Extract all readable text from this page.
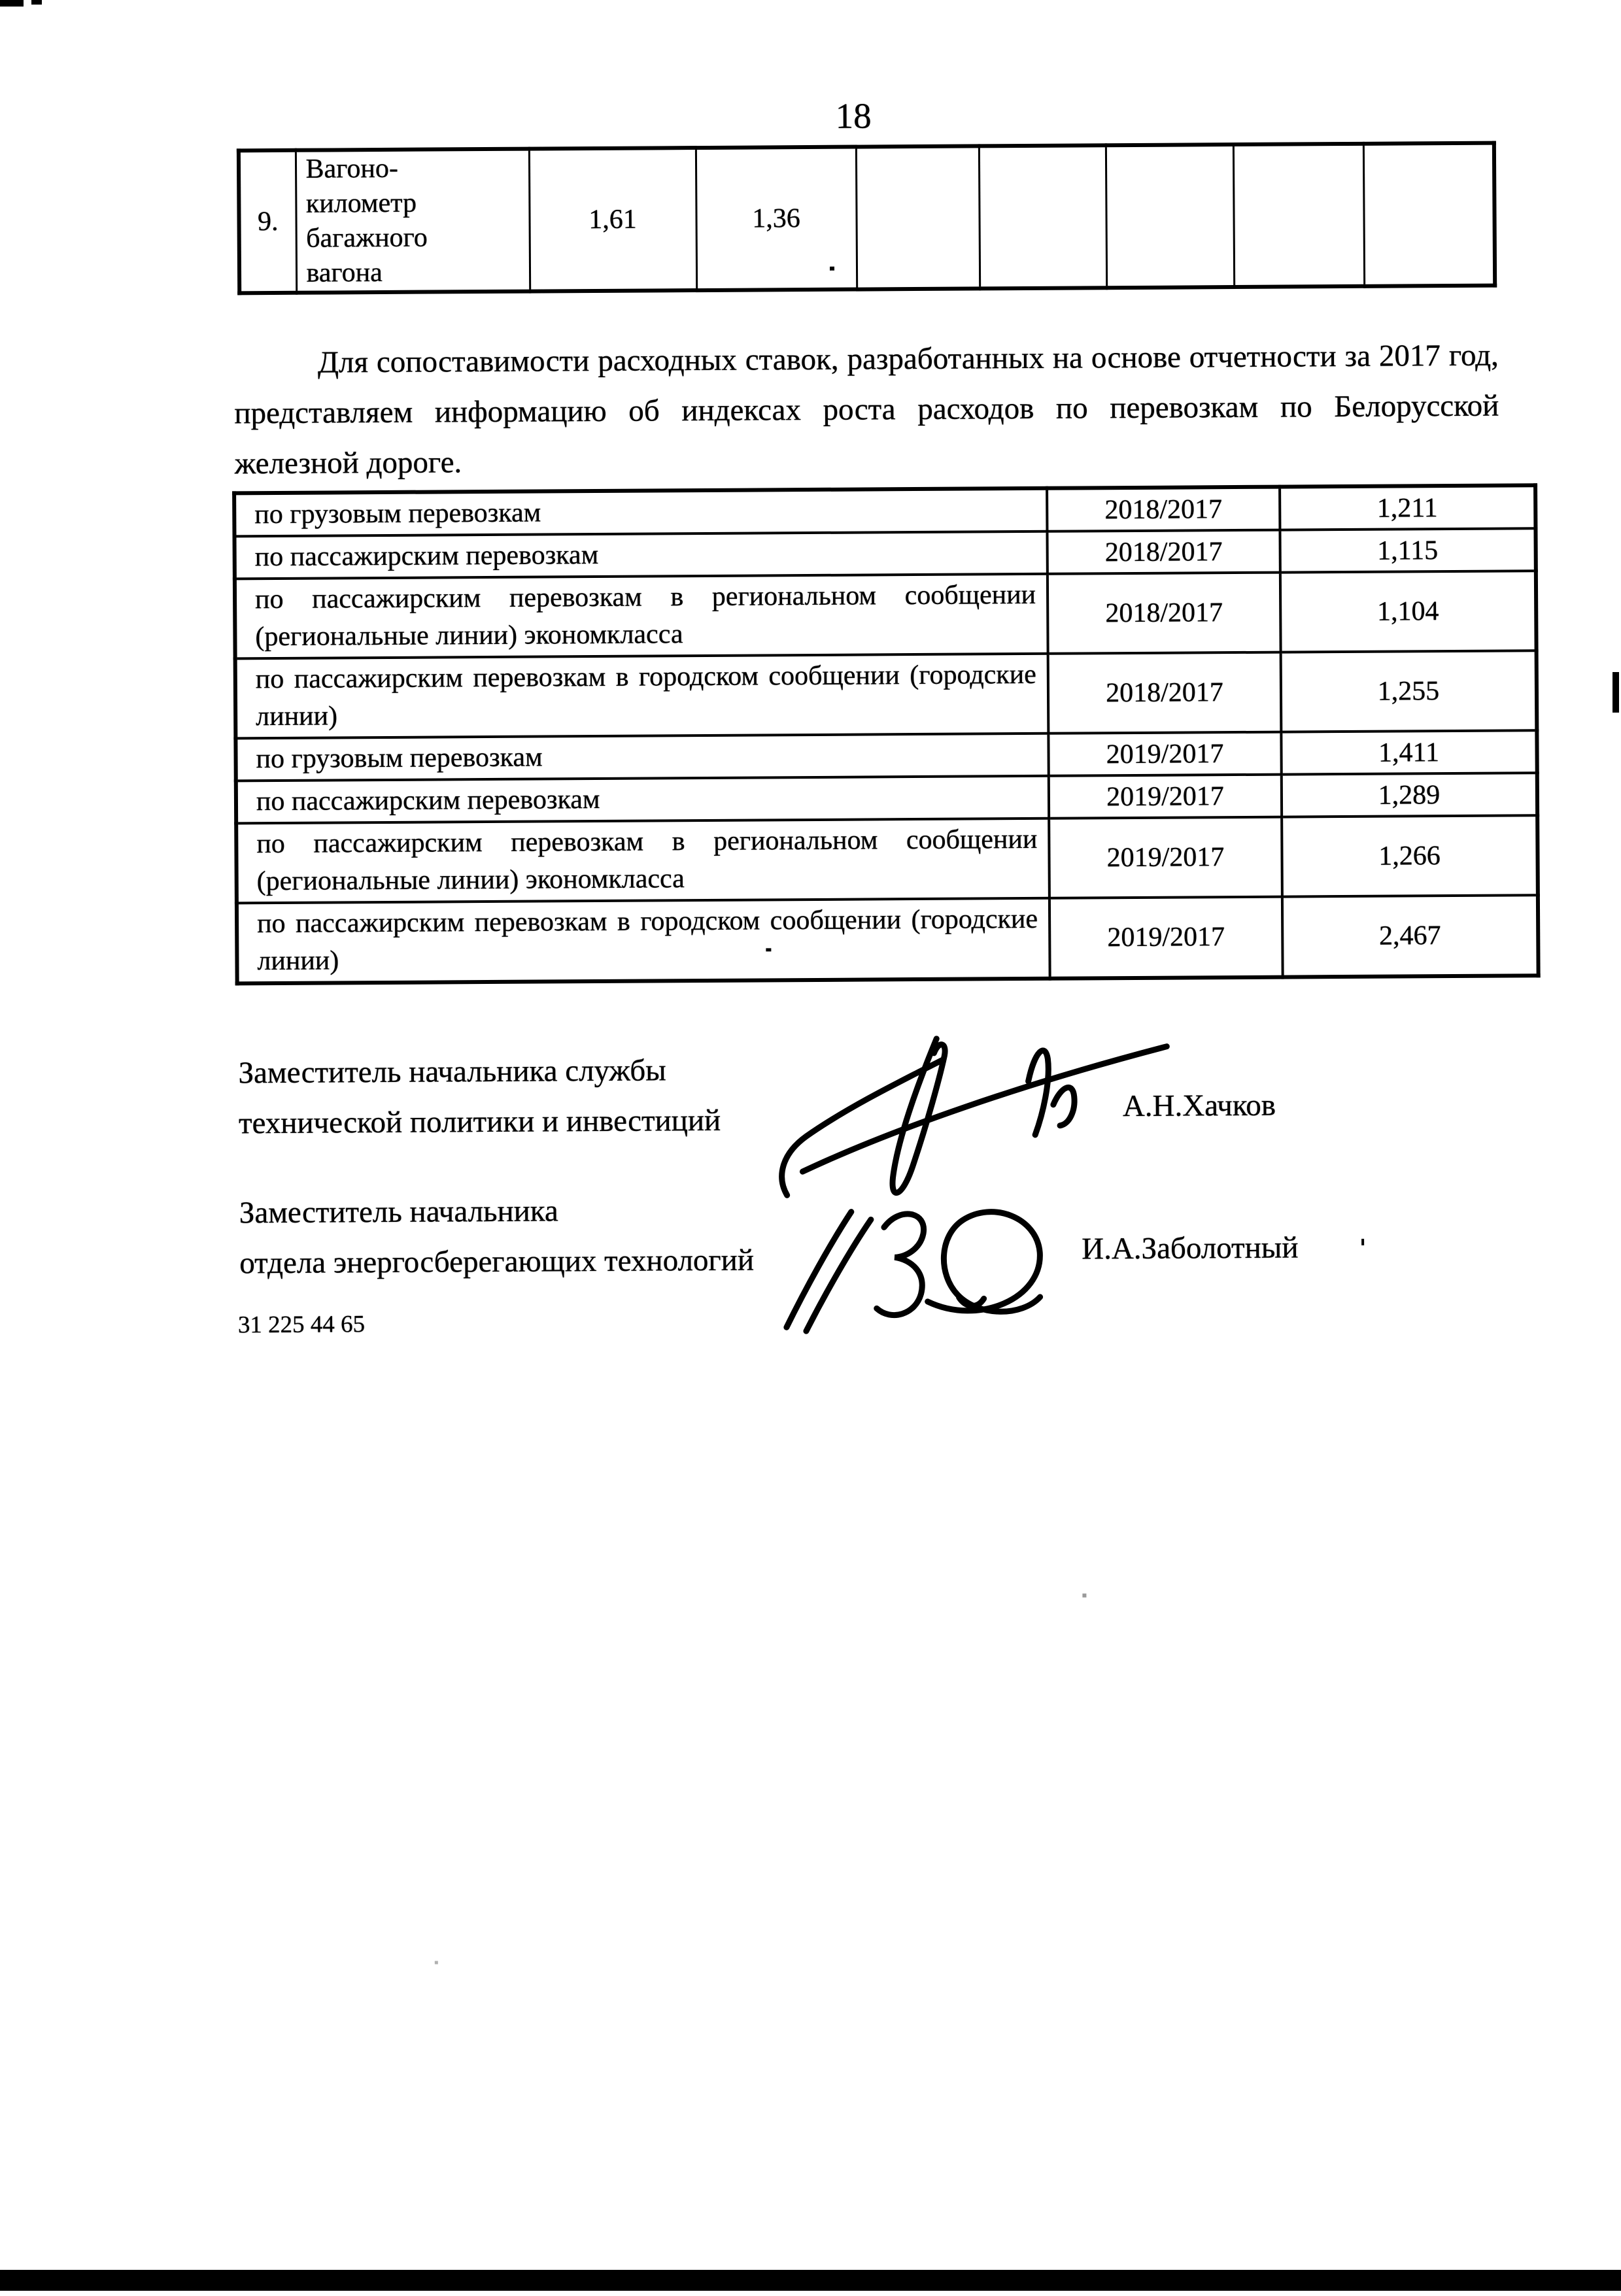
18
9.	Вагоно-
километр
багажного
вагона	1,61	1,36					
Для сопоставимости расходных ставок, разработанных на основе отчетности за 2017 год, представляем информацию об индексах роста расходов по перевозкам по Белорусской железной дороге.
по грузовым перевозкам	2018/2017	1,211
по пассажирским перевозкам	2018/2017	1,115
по пассажирским перевозкам в региональном сообщении (региональные линии) экономкласса	2018/2017	1,104
по пассажирским перевозкам в городском сообщении (городские линии)	2018/2017	1,255
по грузовым перевозкам	2019/2017	1,411
по пассажирским перевозкам	2019/2017	1,289
по пассажирским перевозкам в региональном сообщении (региональные линии) экономкласса	2019/2017	1,266
по пассажирским перевозкам в городском сообщении (городские линии)	2019/2017	2,467
Заместитель начальника службы
технической политики и инвестиций	А.Н.Хачков
Заместитель начальника
отдела энергосберегающих технологий	И.А.Заболотный
31 225 44 65
